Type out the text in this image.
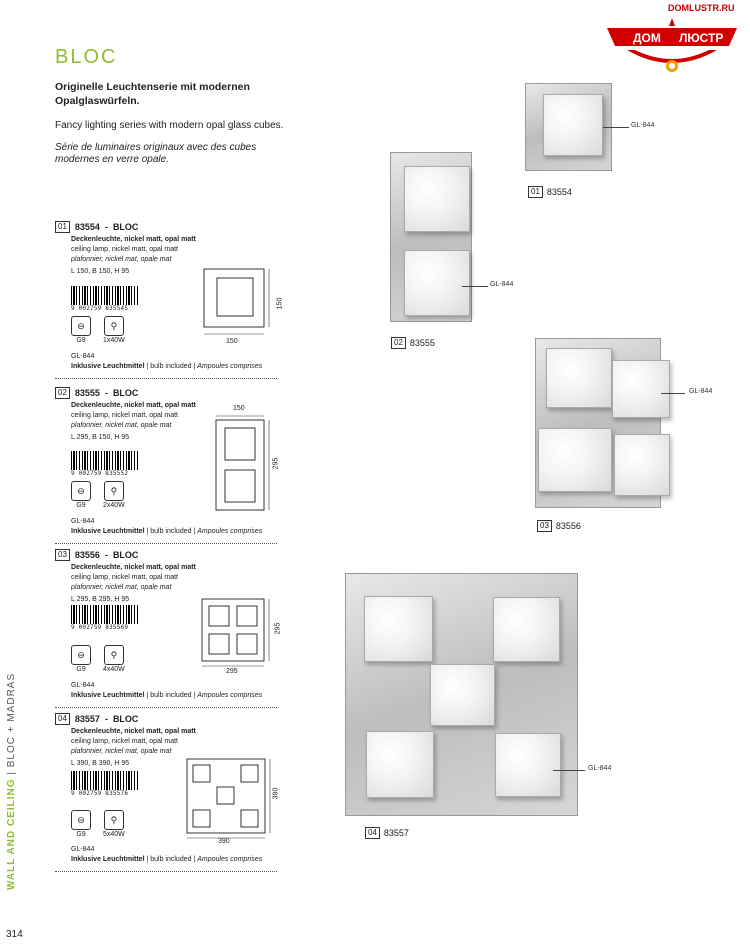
BLOC
Originelle Leuchtenserie mit modernen Opalglaswürfeln.
Fancy lighting series with modern opal glass cubes.
Série de luminaires originaux avec des cubes modernes en verre opale.
DOMLUSTR.RU
ДОМ ЛЮСТР
WALL AND CEILING | BLOC + MADRAS
314
01 83554 - BLOC
Deckenleuchte, nickel matt, opal matt
ceiling lamp, nickel matt, opal matt
plafonnier, nickel mat, opale mat
L 150, B 150, H 95
9 002759 835545
⊖
G9
⚲
1x40W
GL-844
Inklusive Leuchtmittel | bulb included | Ampoules comprises
150
150
02 83555 - BLOC
Deckenleuchte, nickel matt, opal matt
ceiling lamp, nickel matt, opal matt
plafonnier, nickel mat, opale mat
L 295, B 150, H 95
9 002759 835552
⊖
G9
⚲
2x40W
GL-844
Inklusive Leuchtmittel | bulb included | Ampoules comprises
150
295
03 83556 - BLOC
Deckenleuchte, nickel matt, opal matt
ceiling lamp, nickel matt, opal matt
plafonnier, nickel mat, opale mat
L 295, B 295, H 95
9 002759 835569
⊖
G9
⚲
4x40W
GL-844
Inklusive Leuchtmittel | bulb included | Ampoules comprises
295
295
04 83557 - BLOC
Deckenleuchte, nickel matt, opal matt
ceiling lamp, nickel matt, opal matt
plafonnier, nickel mat, opale mat
L 390, B 390, H 95
9 002759 835576
⊖
G9
⚲
5x40W
GL-844
Inklusive Leuchtmittel | bulb included | Ampoules comprises
390
390
GL-844
01 83554
GL-844
02 83555
GL-844
03 83556
GL-844
04 83557
